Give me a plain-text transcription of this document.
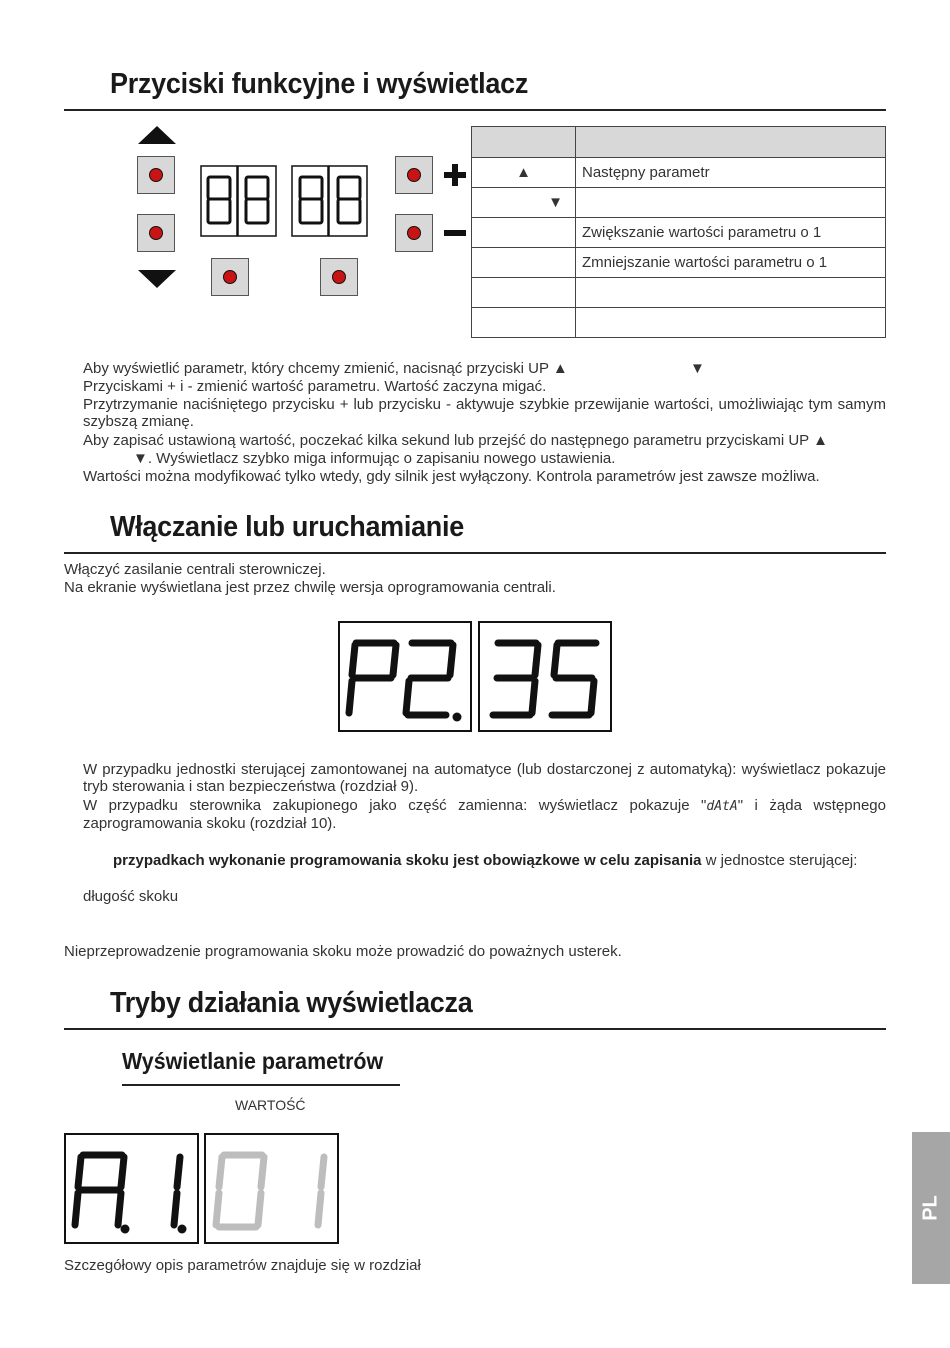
Przyciski funkcyjne i wyświetlacz

▲	Następny parametr
▼	
	Zwiększanie wartości parametru o 1
	Zmniejszanie wartości parametru o 1

Aby wyświetlić parametr, który chcemy zmienić, nacisnąć przyciski UP ▲	▼
Przyciskami + i - zmienić wartość parametru. Wartość zaczyna migać.
Przytrzymanie naciśniętego przycisku + lub przycisku - aktywuje szybkie przewijanie wartości, umożliwiając tym samym szybszą zmianę.
Aby zapisać ustawioną wartość, poczekać kilka sekund lub przejść do następnego parametru przyciskami UP ▲
▼. Wyświetlacz szybko miga informując o zapisaniu nowego ustawienia.
Wartości można modyfikować tylko wtedy, gdy silnik jest wyłączony. Kontrola parametrów jest zawsze możliwa.
Włączanie lub uruchamianie
Włączyć zasilanie centrali sterowniczej.
Na ekranie wyświetlana jest przez chwilę wersja oprogramowania centrali.
W przypadku jednostki sterującej zamontowanej na automatyce (lub dostarczonej z automatyką): wyświetlacz pokazuje tryb sterowania i stan bezpieczeństwa (rozdział 9).
W przypadku sterownika zakupionego jako część zamienna: wyświetlacz pokazuje "dAtA" i żąda wstępnego zaprogramowania skoku (rozdział 10).
przypadkach wykonanie programowania skoku jest obowiązkowe w celu zapisania w jednostce sterującej:
długość skoku
Nieprzeprowadzenie programowania skoku może prowadzić do poważnych usterek.
Tryby działania wyświetlacza
Wyświetlanie parametrów
WARTOŚĆ
Szczegółowy opis parametrów znajduje się w rozdział
PL
